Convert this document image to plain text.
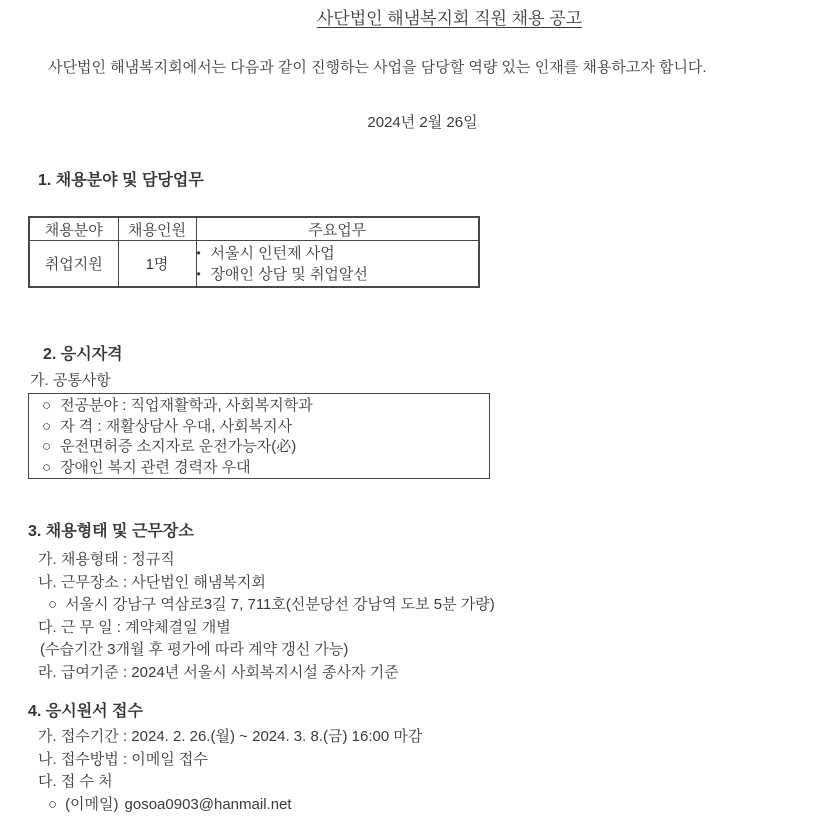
사단법인 해냄복지회 직원 채용 공고

사단법인 해냄복지회에서는 다음과 같이 진행하는 사업을 담당할 역량 있는 인재를 채용하고자 합니다.

2024년 2월 26일

1. 채용분야 및 담당업무
채용분야	채용인원	주요업무
취업지원	1명	• 서울시 인턴제 사업
• 장애인 상담 및 취업알선
2. 응시자격
가. 공통사항
○ 전공분야 : 직업재활학과, 사회복지학과
○ 자 격 : 재활상담사 우대, 사회복지사
○ 운전면허증 소지자로 운전가능자(必)
○ 장애인 복지 관련 경력자 우대
3. 채용형태 및 근무장소
가. 채용형태 : 정규직
나. 근무장소 : 사단법인 해냄복지회
○ 서울시 강남구 역삼로3길 7, 711호(신분당선 강남역 도보 5분 가량)
다. 근 무 일 : 계약체결일 개별
(수습기간 3개월 후 평가에 따라 계약 갱신 가능)
라. 급여기준 : 2024년 서울시 사회복지시설 종사자 기준
4. 응시원서 접수
가. 접수기간 : 2024. 2. 26.(월) ~ 2024. 3. 8.(금) 16:00 마감
나. 접수방법 : 이메일 접수
다. 접 수 처
○ (이메일) gosoa0903@hanmail.net
